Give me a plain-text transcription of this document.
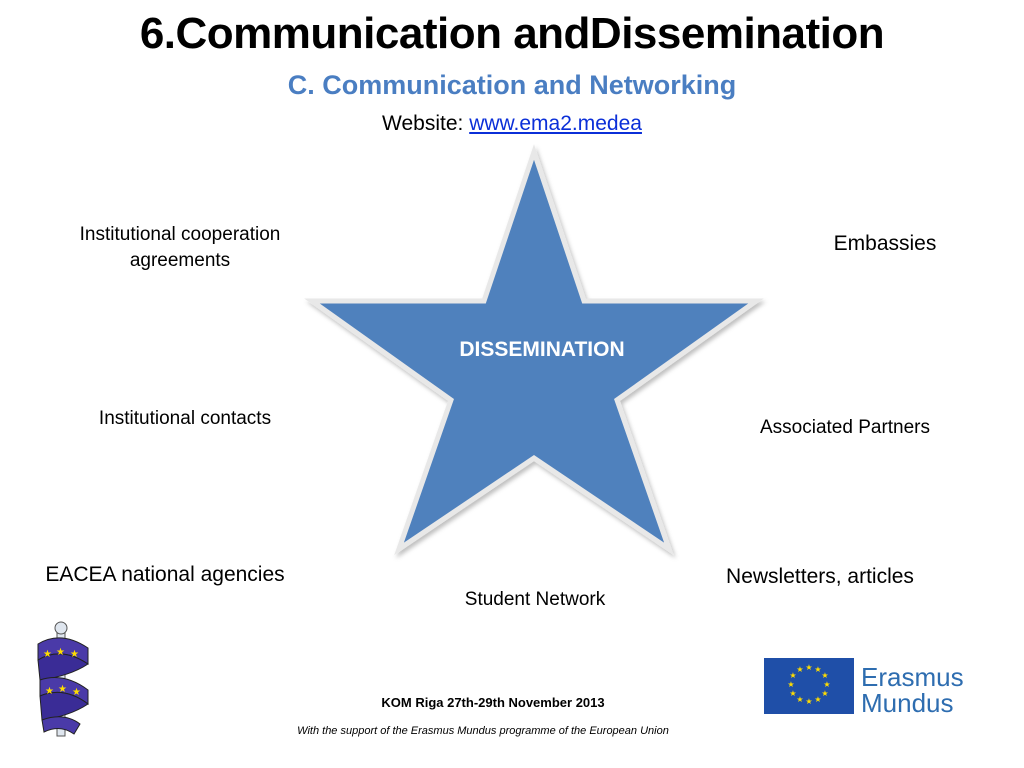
6.Communication andDissemination
C. Communication and Networking
Website: www.ema2.medea
DISSEMINATION
Institutional cooperation agreements
Embassies
Institutional contacts	Associated Partners
EACEA national agencies	Newsletters, articles
Student Network
★ ★ ★
★ ★ ★
★ ★
★
★
★
★
★
★
★
★
★
★ Erasmus
Mundus
KOM Riga 27th-29th November 2013
With the support of the Erasmus Mundus programme of the European Union
